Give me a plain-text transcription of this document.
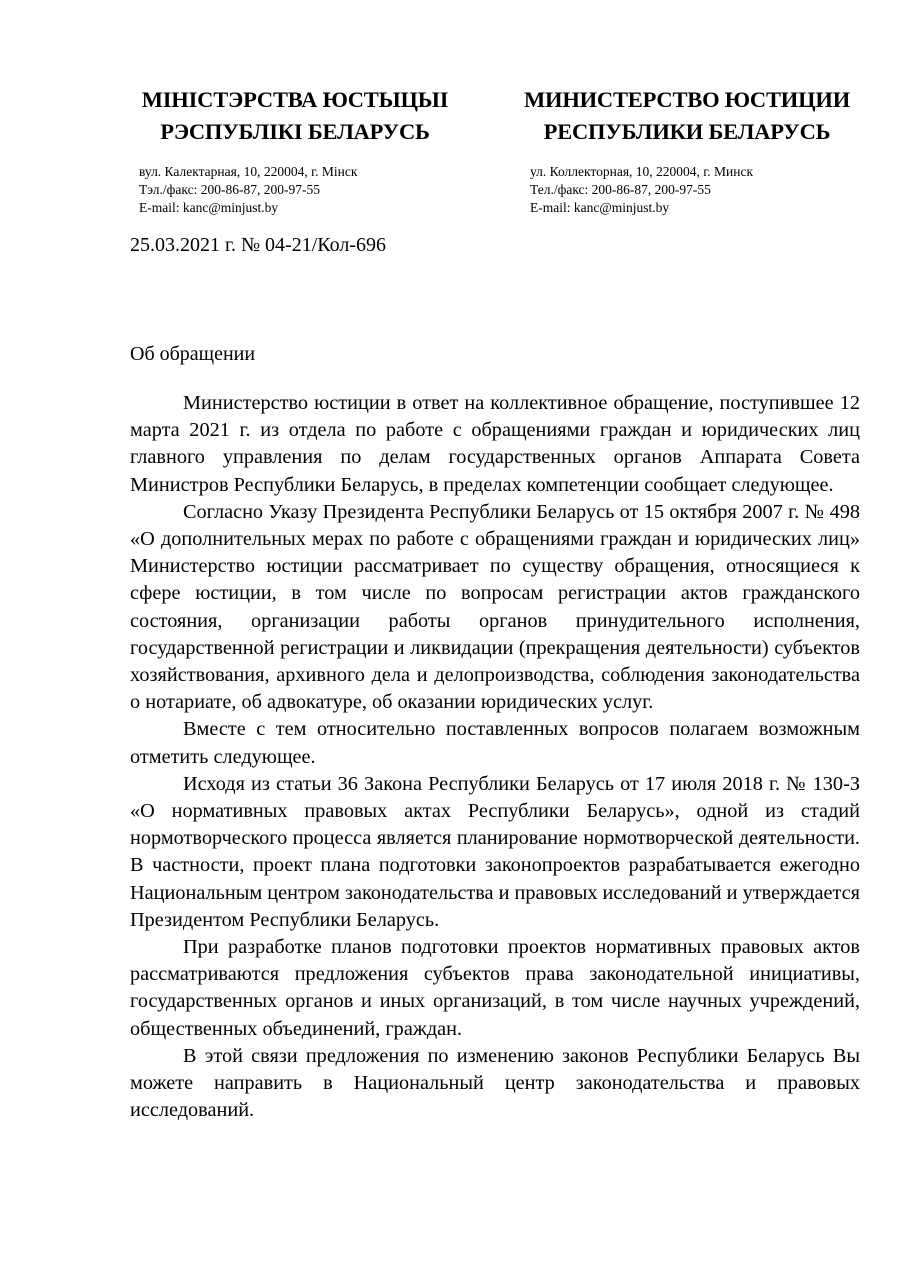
МІНІСТЭРСТВА ЮСТЫЦЫІ
РЭСПУБЛІКІ БЕЛАРУСЬ
МИНИСТЕРСТВО ЮСТИЦИИ
РЕСПУБЛИКИ БЕЛАРУСЬ
вул. Калектарная, 10, 220004, г. Мінск
Тэл./факс: 200-86-87, 200-97-55
E-mail: kanc@minjust.by
ул. Коллекторная, 10, 220004, г. Минск
Тел./факс: 200-86-87, 200-97-55
E-mail: kanc@minjust.by
25.03.2021 г. № 04-21/Кол-696
Об обращении

Министерство юстиции в ответ на коллективное обращение, поступившее 12 марта 2021 г. из отдела по работе с обращениями граждан и юридических лиц главного управления по делам государственных органов Аппарата Совета Министров Республики Беларусь, в пределах компетенции сообщает следующее.

Согласно Указу Президента Республики Беларусь от 15 октября 2007 г. № 498 «О дополнительных мерах по работе с обращениями граждан и юридических лиц» Министерство юстиции рассматривает по существу обращения, относящиеся к сфере юстиции, в том числе по вопросам регистрации актов гражданского состояния, организации работы органов принудительного исполнения, государственной регистрации и ликвидации (прекращения деятельности) субъектов хозяйствования, архивного дела и делопроизводства, соблюдения законодательства о нотариате, об адвокатуре, об оказании юридических услуг.

Вместе с тем относительно поставленных вопросов полагаем возможным отметить следующее.

Исходя из статьи 36 Закона Республики Беларусь от 17 июля 2018 г. № 130-З «О нормативных правовых актах Республики Беларусь», одной из стадий нормотворческого процесса является планирование нормотворческой деятельности. В частности, проект плана подготовки законопроектов разрабатывается ежегодно Национальным центром законодательства и правовых исследований и утверждается Президентом Республики Беларусь.

При разработке планов подготовки проектов нормативных правовых актов рассматриваются предложения субъектов права законодательной инициативы, государственных органов и иных организаций, в том числе научных учреждений, общественных объединений, граждан.

В этой связи предложения по изменению законов Республики Беларусь Вы можете направить в Национальный центр законодательства и правовых исследований.
